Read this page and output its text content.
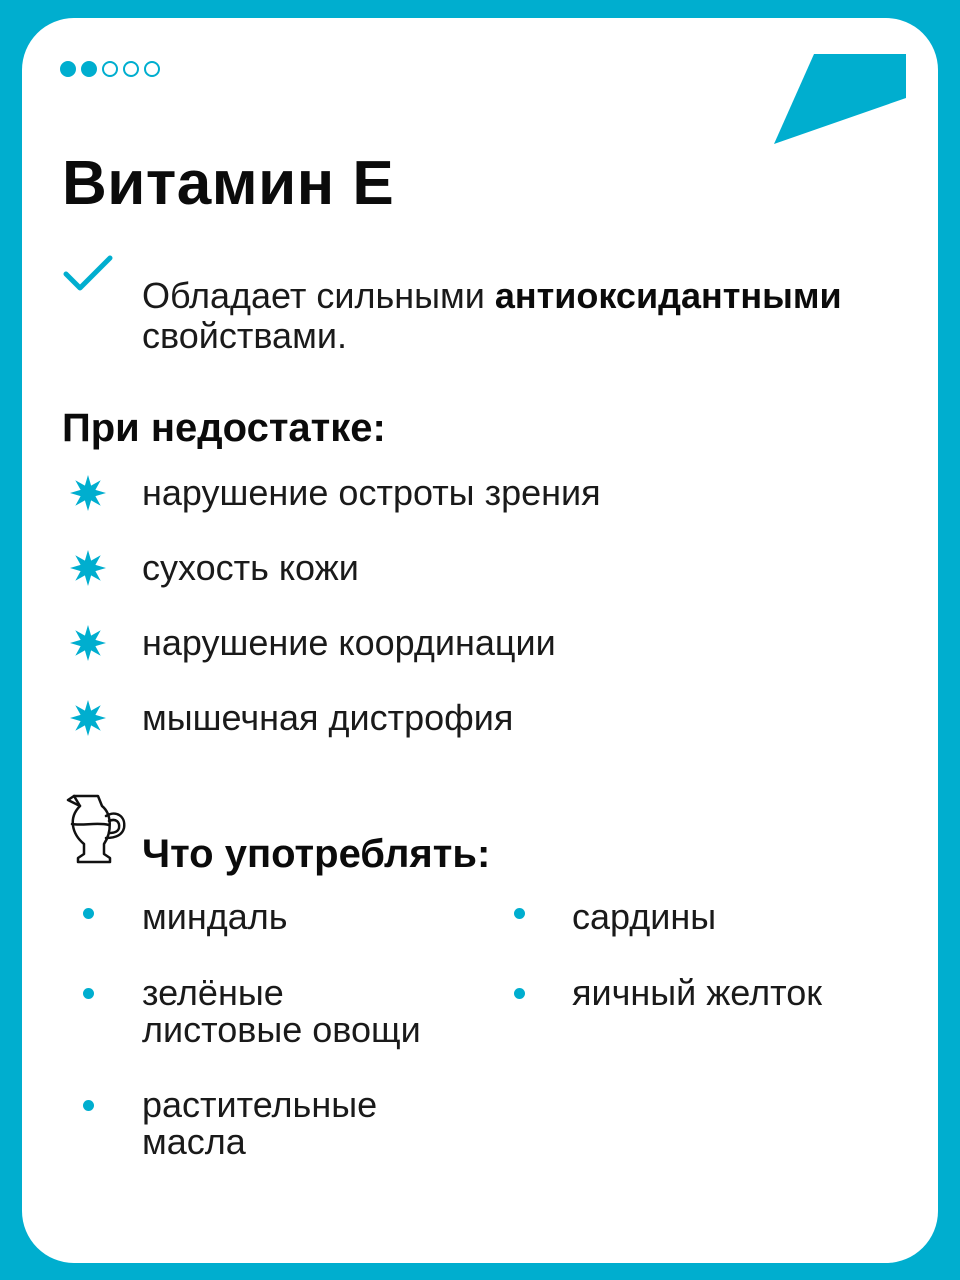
Витамин Е

Обладает сильными антиоксидантными
свойствами.

При недостатке:
нарушение остроты зрения
сухость кожи
нарушение координации
мышечная дистрофия
Что употреблять:
миндаль
зелёные
листовые овощи
растительные
масла
сардины
яичный желток
